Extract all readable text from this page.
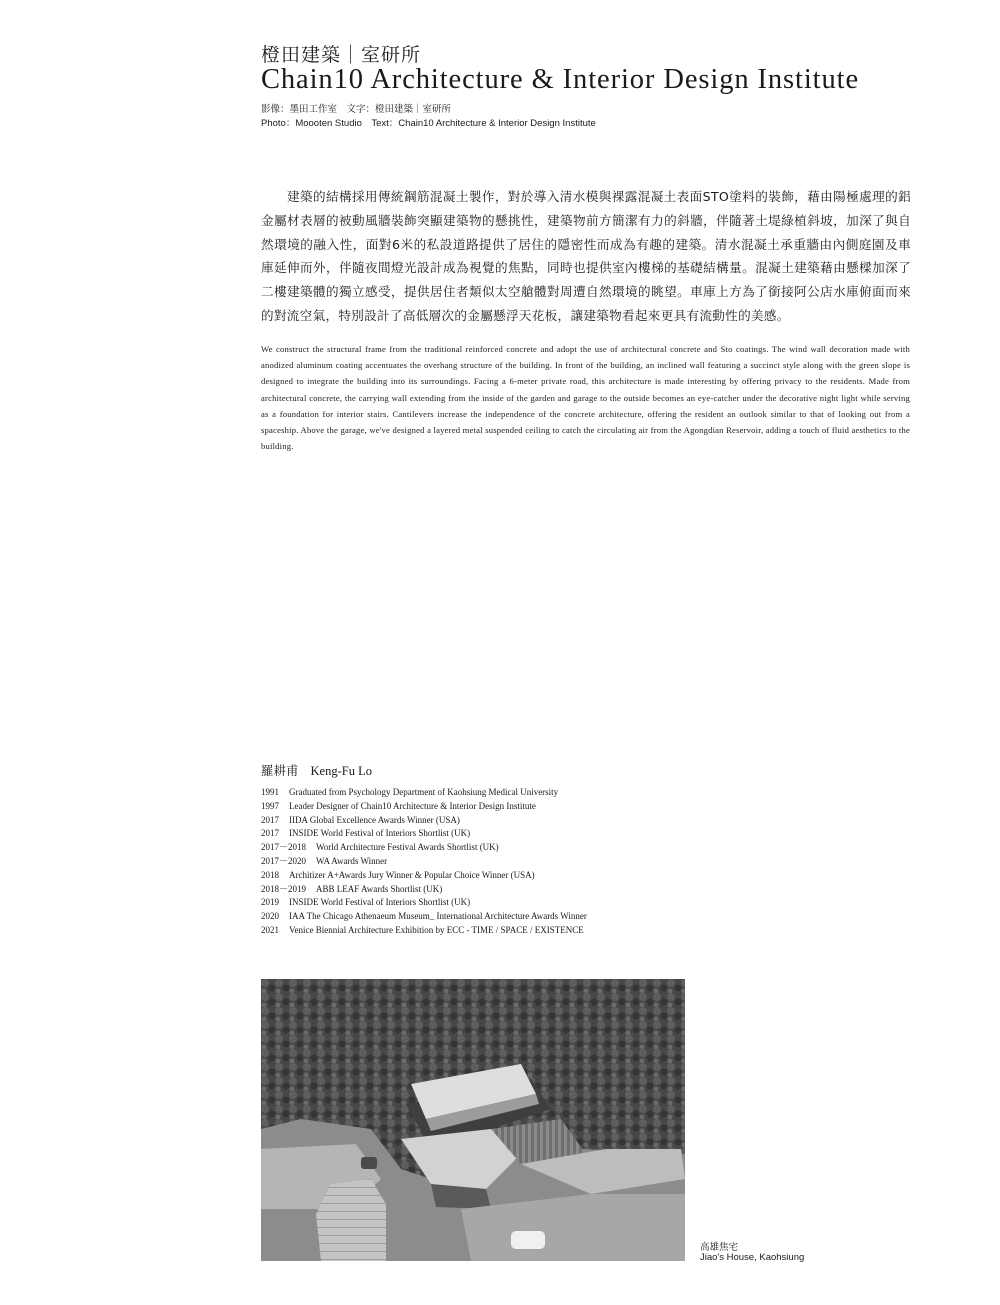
橙田建築｜室研所
Chain10 Architecture & Interior Design Institute
影像：墨田工作室　文字：橙田建築｜室研所
Photo：Moooten Studio　Text：Chain10 Architecture & Interior Design Institute
建築的結構採用傳統鋼筋混凝土製作，對於導入清水模與裸露混凝土表面STO塗料的裝飾，藉由陽極處理的鋁金屬材表層的被動風牆裝飾突顯建築物的懸挑性，建築物前方簡潔有力的斜牆，伴隨著土堤綠植斜坡，加深了與自然環境的融入性，面對6米的私設道路提供了居住的隱密性而成為有趣的建築。清水混凝土承重牆由內側庭園及車庫延伸而外，伴隨夜間燈光設計成為視覺的焦點，同時也提供室內樓梯的基礎結構量。混凝土建築藉由懸樑加深了二樓建築體的獨立感受，提供居住者類似太空艙體對周遭自然環境的眺望。車庫上方為了銜接阿公店水庫俯面而來的對流空氣，特別設計了高低層次的金屬懸浮天花板，讓建築物看起來更具有流動性的美感。
We construct the structural frame from the traditional reinforced concrete and adopt the use of architectural concrete and Sto coatings. The wind wall decoration made with anodized aluminum coating accentuates the overhang structure of the building. In front of the building, an inclined wall featuring a succinct style along with the green slope is designed to integrate the building into its surroundings. Facing a 6-meter private road, this architecture is made interesting by offering privacy to the residents. Made from architectural concrete, the carrying wall extending from the inside of the garden and garage to the outside becomes an eye-catcher under the decorative night light while serving as a foundation for interior stairs. Cantilevers increase the independence of the concrete architecture, offering the resident an outlook similar to that of looking out from a spaceship. Above the garage, we've designed a layered metal suspended ceiling to catch the circulating air from the Agongdian Reservoir, adding a touch of fluid aesthetics to the building.
羅耕甫 Keng-Fu Lo
1991 Graduated from Psychology Department of Kaohsiung Medical University
1997 Leader Designer of Chain10 Architecture & Interior Design Institute
2017 IIDA Global Excellence Awards Winner (USA)
2017 INSIDE World Festival of Interiors Shortlist (UK)
2017－2018 World Architecture Festival Awards Shortlist (UK)
2017－2020 WA Awards Winner
2018 Architizer A+Awards Jury Winner & Popular Choice Winner (USA)
2018－2019 ABB LEAF Awards Shortlist (UK)
2019 INSIDE World Festival of Interiors Shortlist (UK)
2020 IAA The Chicago Athenaeum Museum_ International Architecture Awards Winner
2021 Venice Biennial Architecture Exhibition by ECC - TIME / SPACE / EXISTENCE
高雄焦宅
Jiao's House, Kaohsiung
